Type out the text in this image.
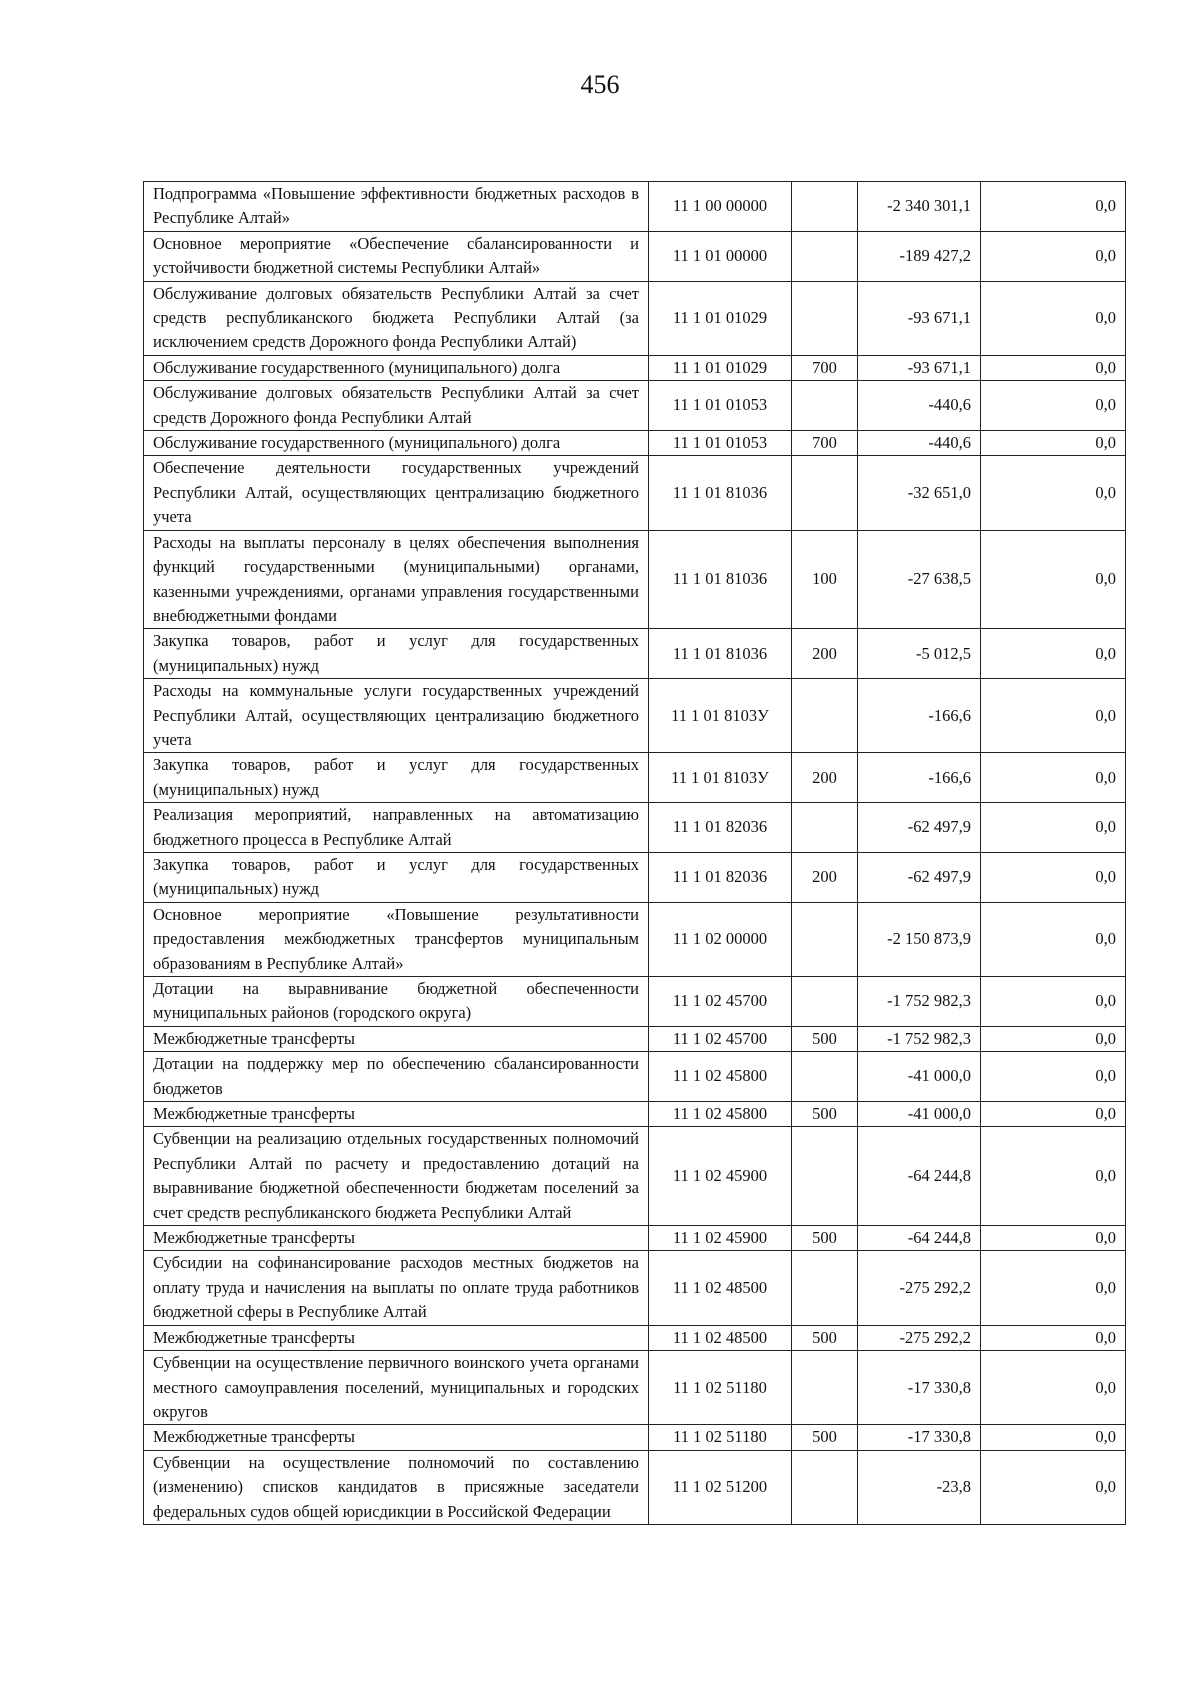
456
Подпрограмма «Повышение эффективности бюджетных расходов в Республике Алтай»	11 1 00 00000		-2 340 301,1	0,0
Основное мероприятие «Обеспечение сбалансированности и устойчивости бюджетной системы Республики Алтай»	11 1 01 00000		-189 427,2	0,0
Обслуживание долговых обязательств Республики Алтай за счет средств республиканского бюджета Республики Алтай (за исключением средств Дорожного фонда Республики Алтай)	11 1 01 01029		-93 671,1	0,0
Обслуживание государственного (муниципального) долга	11 1 01 01029	700	-93 671,1	0,0
Обслуживание долговых обязательств Республики Алтай за счет средств Дорожного фонда Республики Алтай	11 1 01 01053		-440,6	0,0
Обслуживание государственного (муниципального) долга	11 1 01 01053	700	-440,6	0,0
Обеспечение деятельности государственных учреждений Республики Алтай, осуществляющих централизацию бюджетного учета	11 1 01 81036		-32 651,0	0,0
Расходы на выплаты персоналу в целях обеспечения выполнения функций государственными (муниципальными) органами, казенными учреждениями, органами управления государственными внебюджетными фондами	11 1 01 81036	100	-27 638,5	0,0
Закупка товаров, работ и услуг для государственных (муниципальных) нужд	11 1 01 81036	200	-5 012,5	0,0
Расходы на коммунальные услуги государственных учреждений Республики Алтай, осуществляющих централизацию бюджетного учета	11 1 01 8103У		-166,6	0,0
Закупка товаров, работ и услуг для государственных (муниципальных) нужд	11 1 01 8103У	200	-166,6	0,0
Реализация мероприятий, направленных на автоматизацию бюджетного процесса в Республике Алтай	11 1 01 82036		-62 497,9	0,0
Закупка товаров, работ и услуг для государственных (муниципальных) нужд	11 1 01 82036	200	-62 497,9	0,0
Основное мероприятие «Повышение результативности предоставления межбюджетных трансфертов муниципальным образованиям в Республике Алтай»	11 1 02 00000		-2 150 873,9	0,0
Дотации на выравнивание бюджетной обеспеченности муниципальных районов (городского округа)	11 1 02 45700		-1 752 982,3	0,0
Межбюджетные трансферты	11 1 02 45700	500	-1 752 982,3	0,0
Дотации на поддержку мер по обеспечению сбалансированности бюджетов	11 1 02 45800		-41 000,0	0,0
Межбюджетные трансферты	11 1 02 45800	500	-41 000,0	0,0
Субвенции на реализацию отдельных государственных полномочий Республики Алтай по расчету и предоставлению дотаций на выравнивание бюджетной обеспеченности бюджетам поселений за счет средств республиканского бюджета Республики Алтай	11 1 02 45900		-64 244,8	0,0
Межбюджетные трансферты	11 1 02 45900	500	-64 244,8	0,0
Субсидии на софинансирование расходов местных бюджетов на оплату труда и начисления на выплаты по оплате труда работников бюджетной сферы в Республике Алтай	11 1 02 48500		-275 292,2	0,0
Межбюджетные трансферты	11 1 02 48500	500	-275 292,2	0,0
Субвенции на осуществление первичного воинского учета органами местного самоуправления поселений, муниципальных и городских округов	11 1 02 51180		-17 330,8	0,0
Межбюджетные трансферты	11 1 02 51180	500	-17 330,8	0,0
Субвенции на осуществление полномочий по составлению (изменению) списков кандидатов в присяжные заседатели федеральных судов общей юрисдикции в Российской Федерации	11 1 02 51200		-23,8	0,0
